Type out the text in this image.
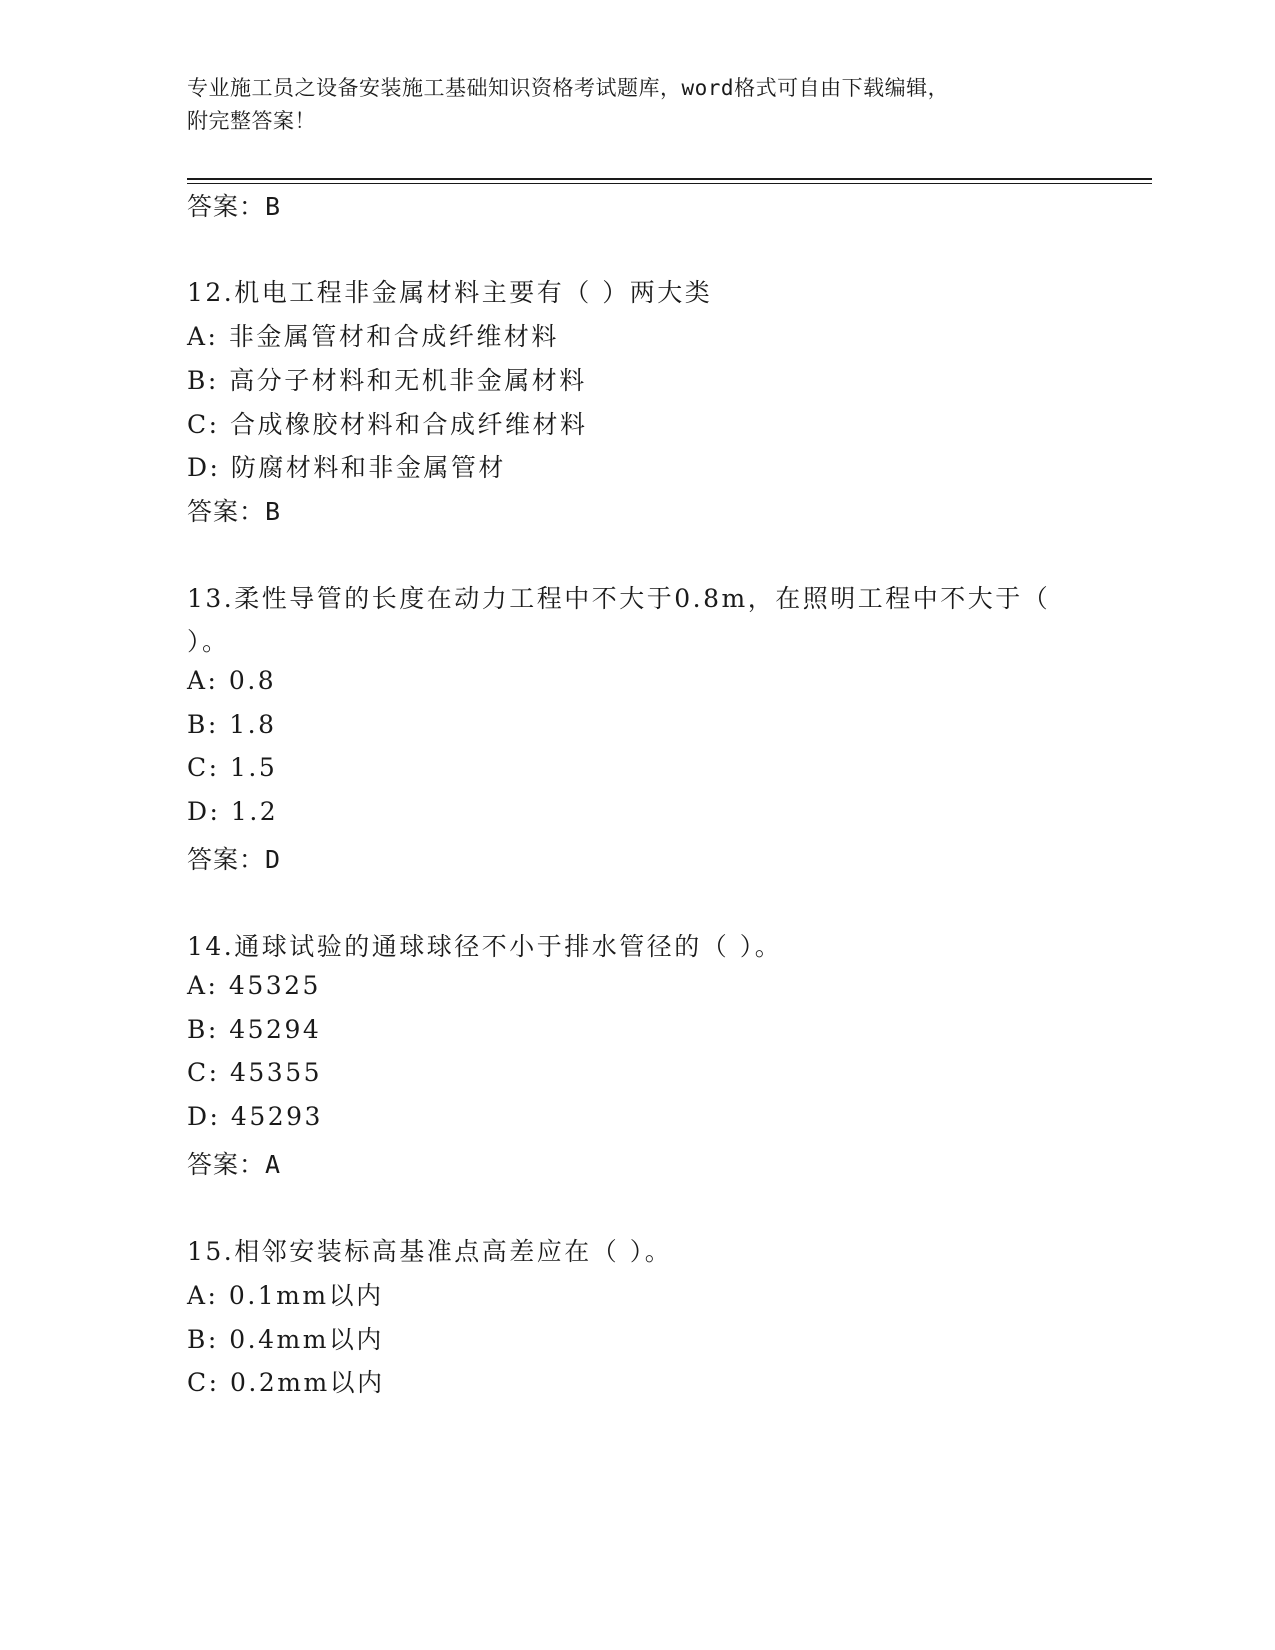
专业施工员之设备安装施工基础知识资格考试题库，word格式可自由下载编辑，
附完整答案！
答案：B
12.机电工程非金属材料主要有（ ）两大类
A: 非金属管材和合成纤维材料
B: 高分子材料和无机非金属材料
C: 合成橡胶材料和合成纤维材料
D: 防腐材料和非金属管材
答案：B
13.柔性导管的长度在动力工程中不大于0.8m，在照明工程中不大于（
）。
A: 0.8
B: 1.8
C: 1.5
D: 1.2
答案：D
14.通球试验的通球球径不小于排水管径的（ ）。
A: 45325
B: 45294
C: 45355
D: 45293
答案：A
15.相邻安装标高基准点高差应在（ ）。
A: 0.1mm以内
B: 0.4mm以内
C: 0.2mm以内
